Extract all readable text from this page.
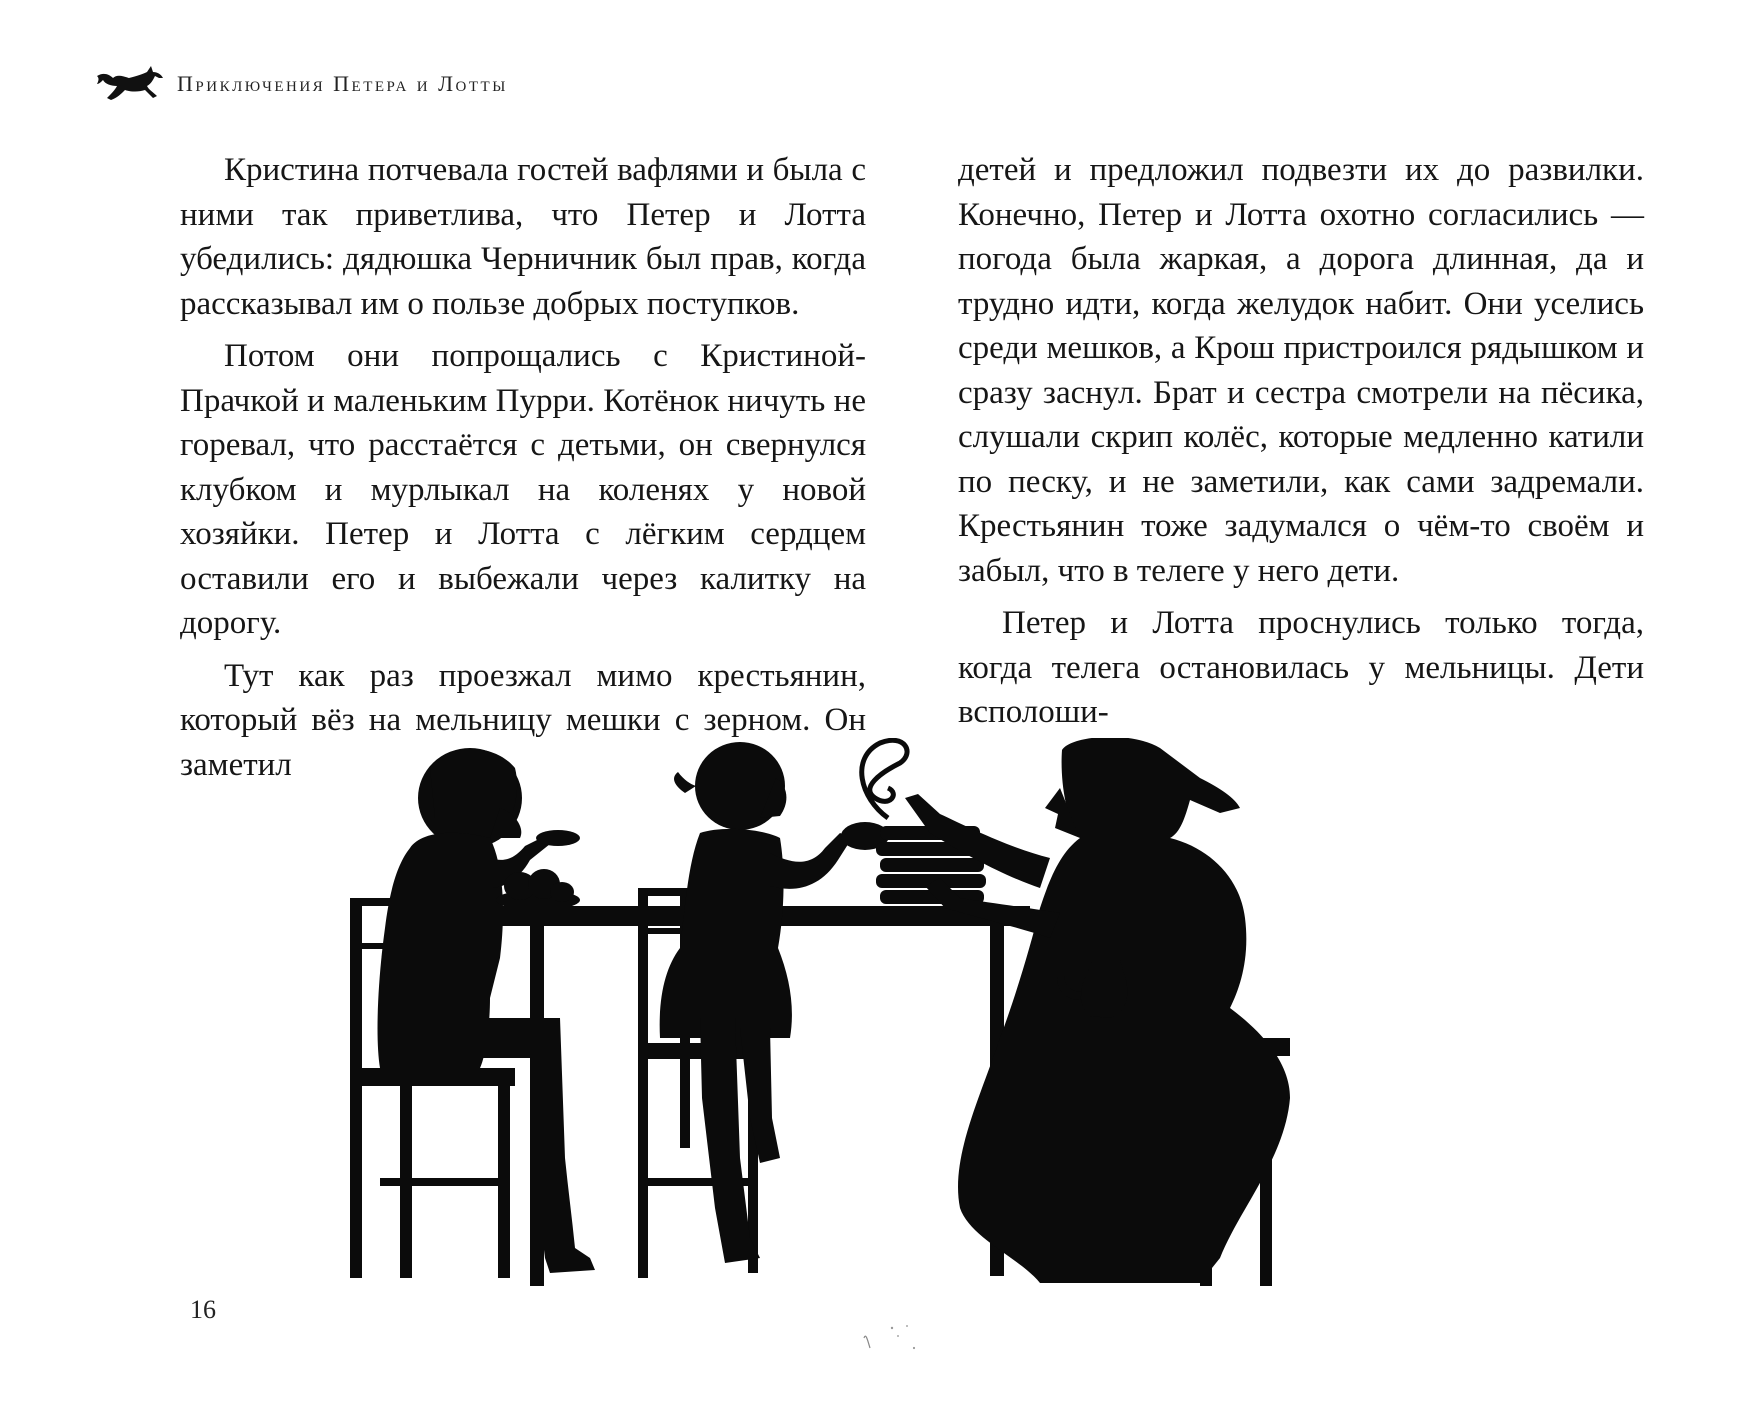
Приключения Петера и Лотты

Кристина потчевала гостей вафлями и была с ними так приветлива, что Петер и Лотта убедились: дядюшка Черничник был прав, когда рассказывал им о пользе добрых поступков.

Потом они попрощались с Кристиной-Прачкой и маленьким Пурри. Котёнок ничуть не горевал, что расстаётся с детьми, он свернулся клубком и мурлыкал на коленях у новой хозяйки. Петер и Лотта с лёгким сердцем оставили его и выбежали через калитку на дорогу.

Тут как раз проезжал мимо крестьянин, который вёз на мельницу мешки с зерном. Он заметил

детей и предложил подвезти их до развилки. Конечно, Петер и Лотта охотно согласились — погода была жаркая, а дорога длинная, да и трудно идти, когда желудок набит. Они уселись среди мешков, а Крош пристроился рядышком и сразу заснул. Брат и сестра смотрели на пёсика, слушали скрип колёс, которые медленно катили по песку, и не заметили, как сами задремали. Крестьянин тоже задумался о чём-то своём и забыл, что в телеге у него дети.

Петер и Лотта проснулись только тогда, когда телега остановилась у мельницы. Дети всполоши-

16
